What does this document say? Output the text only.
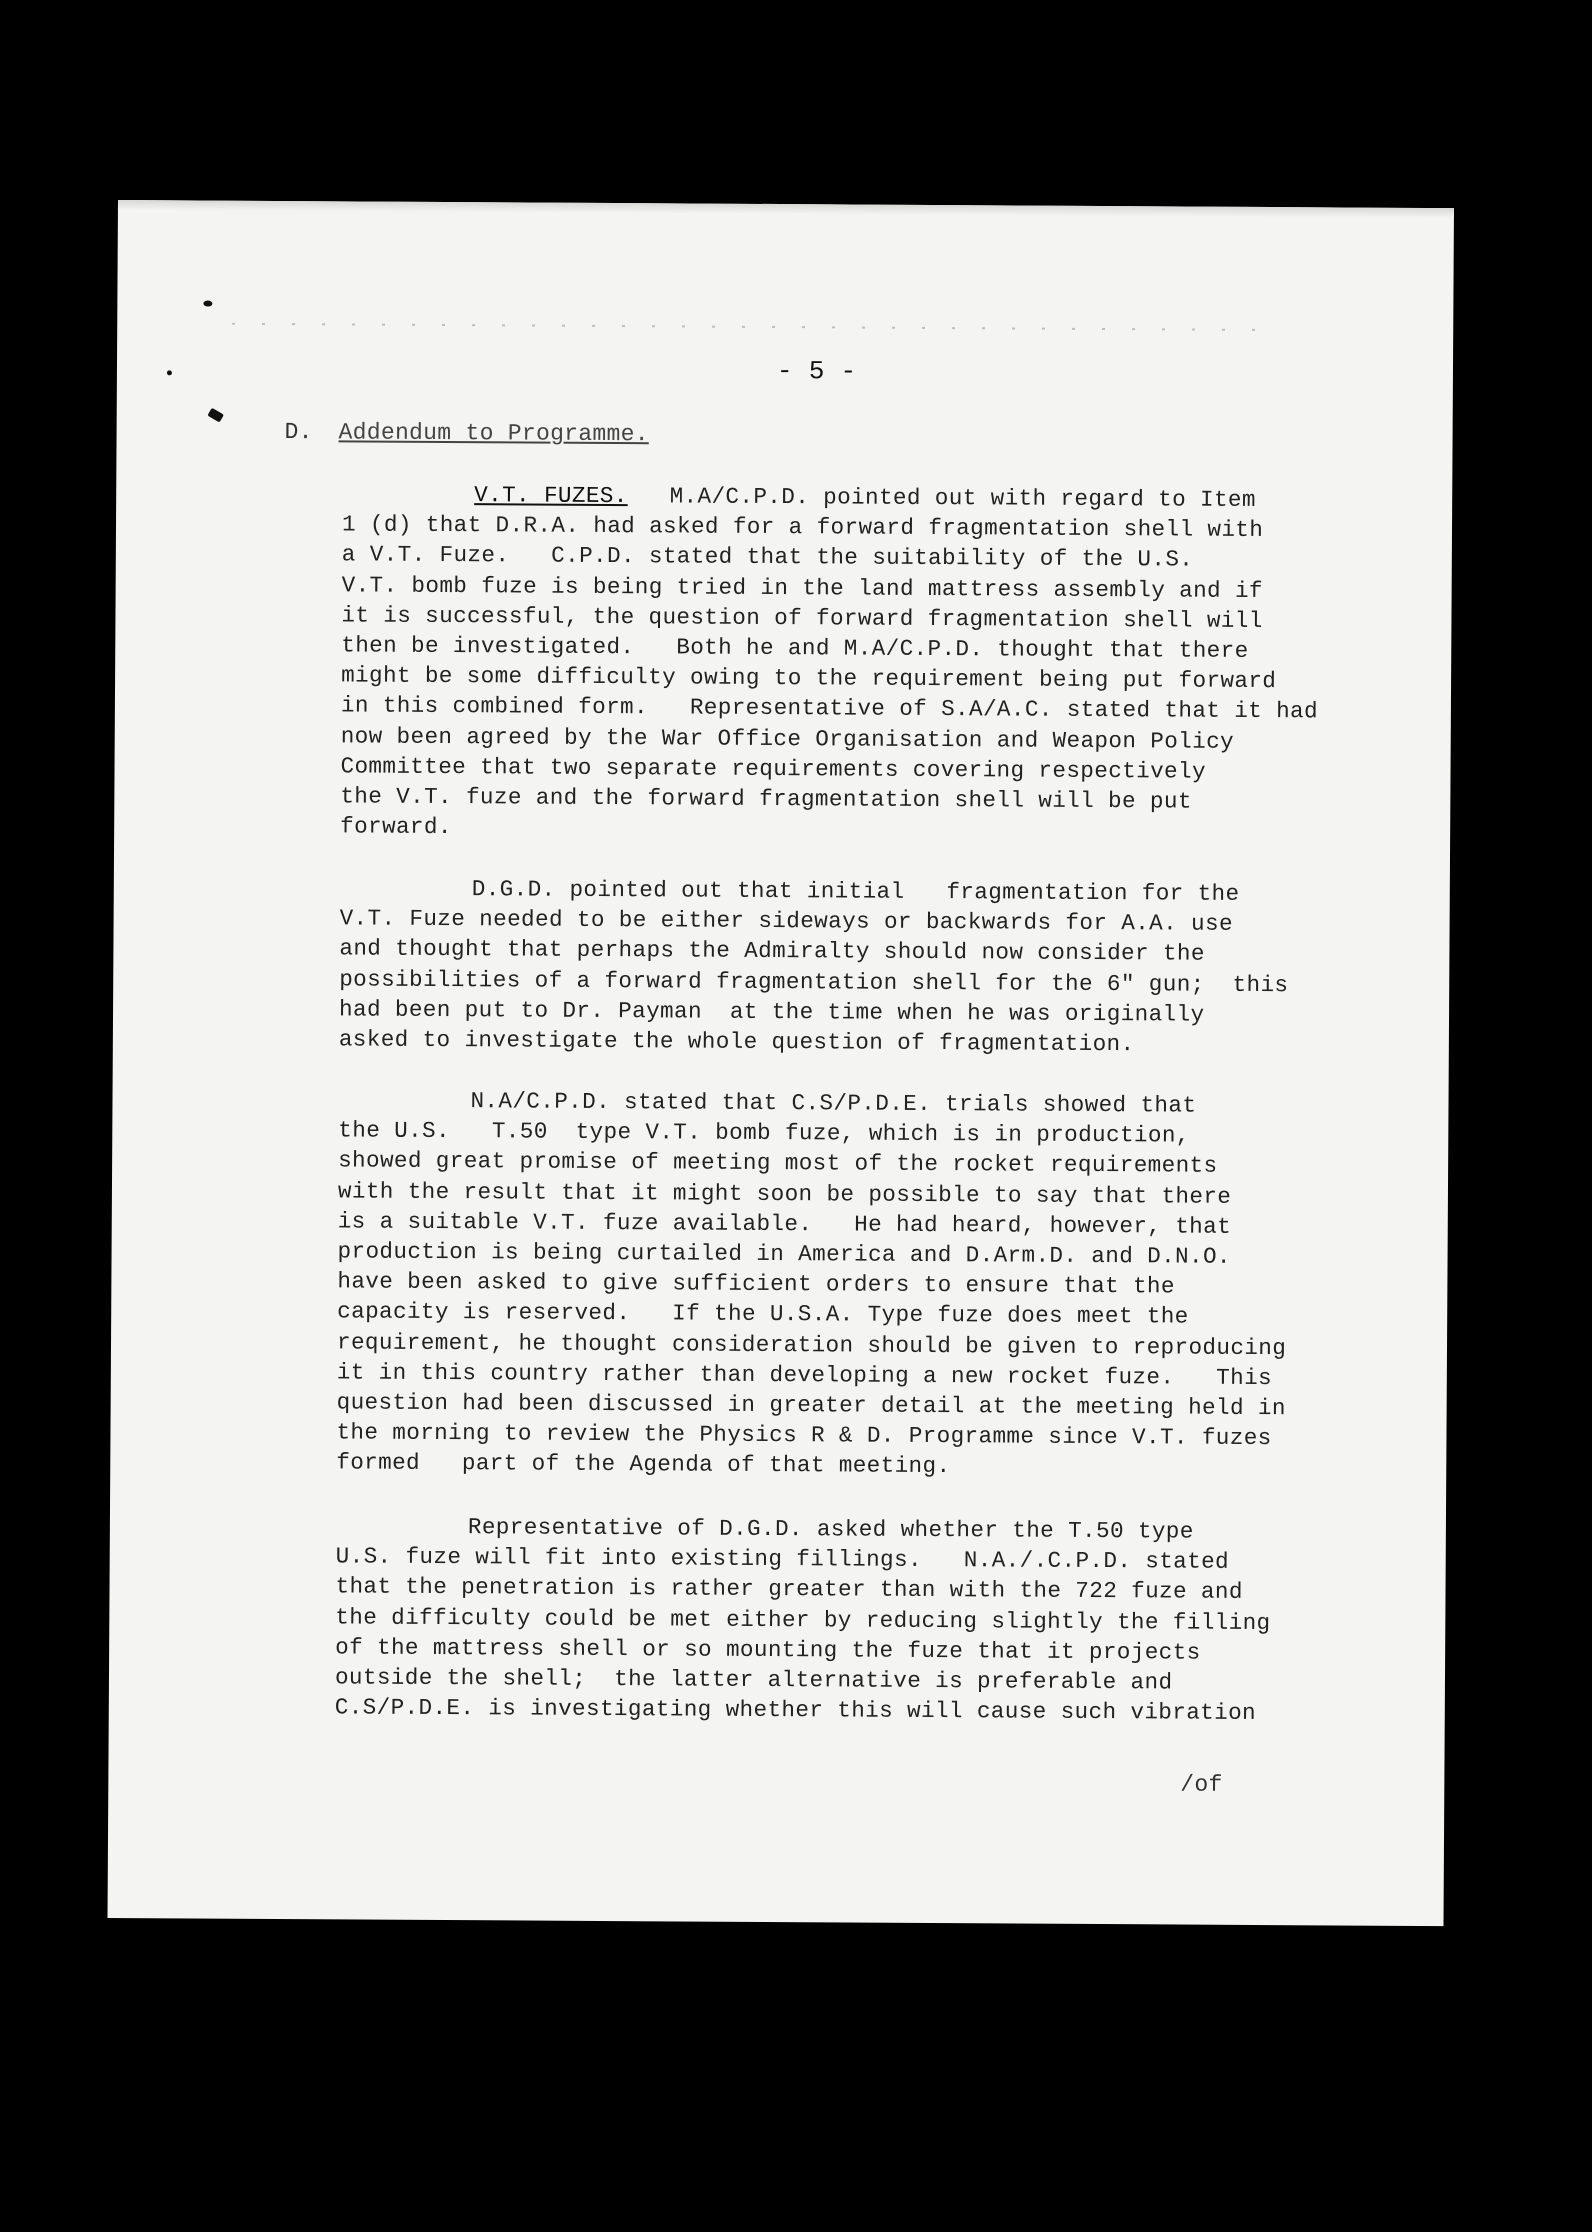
- 5 -
D. Addendum to Programme.
V.T. FUZES. M.A/C.P.D. pointed out with regard to Item
1 (d) that D.R.A. had asked for a forward fragmentation shell with
a V.T. Fuze.   C.P.D. stated that the suitability of the U.S.
V.T. bomb fuze is being tried in the land mattress assembly and if
it is successful, the question of forward fragmentation shell will
then be investigated.   Both he and M.A/C.P.D. thought that there
might be some difficulty owing to the requirement being put forward
in this combined form.   Representative of S.A/A.C. stated that it had
now been agreed by the War Office Organisation and Weapon Policy
Committee that two separate requirements covering respectively
the V.T. fuze and the forward fragmentation shell will be put
forward.
D.G.D. pointed out that initial   fragmentation for the
V.T. Fuze needed to be either sideways or backwards for A.A. use
and thought that perhaps the Admiralty should now consider the
possibilities of a forward fragmentation shell for the 6" gun;  this
had been put to Dr. Payman  at the time when he was originally
asked to investigate the whole question of fragmentation.
N.A/C.P.D. stated that C.S/P.D.E. trials showed that
the U.S.   T.50  type V.T. bomb fuze, which is in production,
showed great promise of meeting most of the rocket requirements
with the result that it might soon be possible to say that there
is a suitable V.T. fuze available.   He had heard, however, that
production is being curtailed in America and D.Arm.D. and D.N.O.
have been asked to give sufficient orders to ensure that the
capacity is reserved.   If the U.S.A. Type fuze does meet the
requirement, he thought consideration should be given to reproducing
it in this country rather than developing a new rocket fuze.   This
question had been discussed in greater detail at the meeting held in
the morning to review the Physics R & D. Programme since V.T. fuzes
formed   part of the Agenda of that meeting.
Representative of D.G.D. asked whether the T.50 type
U.S. fuze will fit into existing fillings.   N.A./.C.P.D. stated
that the penetration is rather greater than with the 722 fuze and
the difficulty could be met either by reducing slightly the filling
of the mattress shell or so mounting the fuze that it projects
outside the shell;  the latter alternative is preferable and
C.S/P.D.E. is investigating whether this will cause such vibration
/of
